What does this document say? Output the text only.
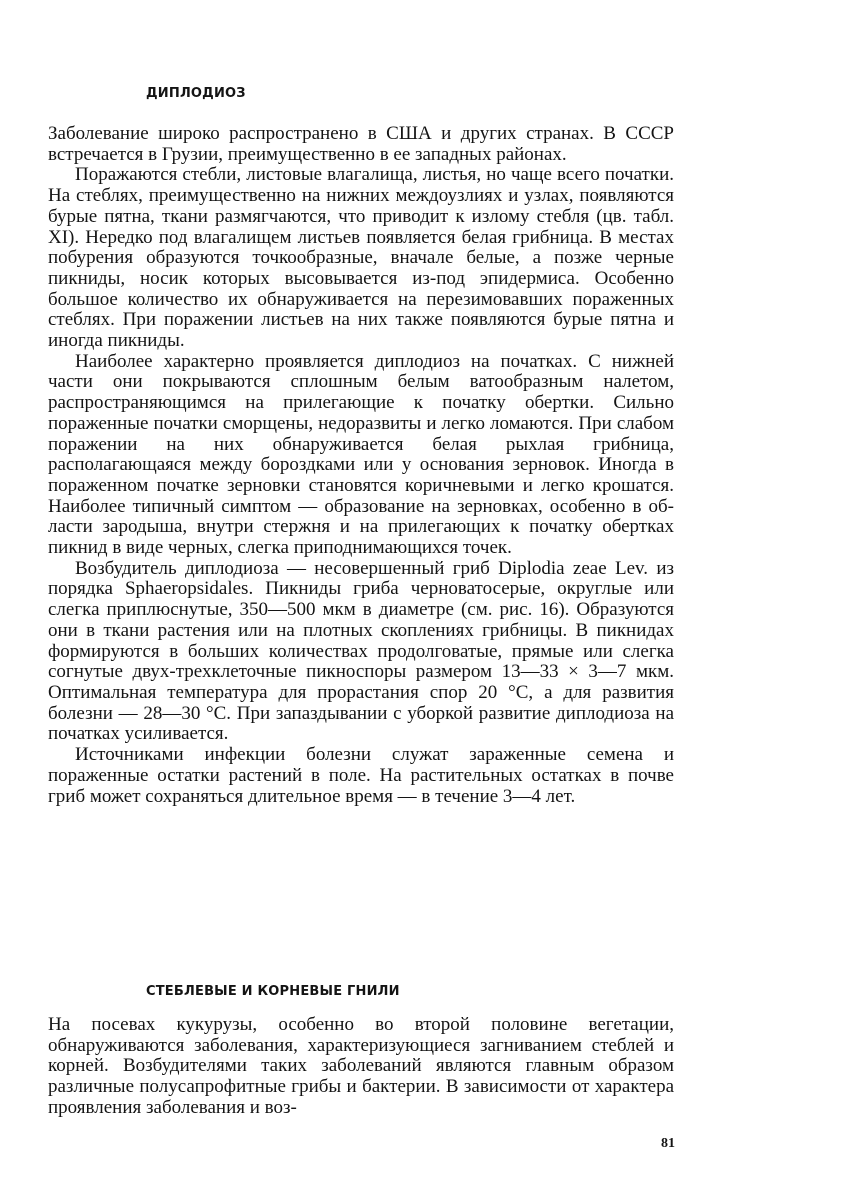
ДИПЛОДИОЗ

Заболевание широко распространено в США и других странах. В СССР встречается в Грузии, преимущественно в ее западных районах.

Поражаются стебли, листовые влагалища, листья, но чаще всего початки. На стеблях, преимущественно на нижних междоузлиях и узлах, появляются бурые пятна, ткани размягчаются, что приводит к излому стебля (цв. табл. XI). Нередко под влагалищем листьев появляется белая грибница. В местах побурения образуются точкообразные, вначале белые, а позже черные пикниды, носик которых высовывается из-под эпидермиса. Особенно большое количество их обнаруживается на перезимовавших пораженных стеблях. При поражении листьев на них также появляются бурые пятна и иногда пикниды.

Наиболее характерно проявляется диплодиоз на початках. С нижней части они покрываются сплошным белым ватообразным налетом, распространяющимся на прилегающие к початку обертки. Сильно пораженные початки сморщены, недоразвиты и легко ломаются. При слабом поражении на них обнаруживается белая рыхлая грибница, располагающаяся между бороздками или у основания зерновок. Иногда в пораженном початке зерновки становятся коричневыми и легко крошатся. Наиболее типичный симптом — образование на зерновках, особенно в области зародыша, внутри стержня и на прилегающих к початку обертках пикнид в виде черных, слегка приподнимающихся точек.

Возбудитель диплодиоза — несовершенный гриб Diplodia zeae Lev. из порядка Sphaeropsidales. Пикниды гриба черноватосерые, округлые или слегка приплюснутые, 350—500 мкм в диаметре (см. рис. 16). Образуются они в ткани растения или на плотных скоплениях грибницы. В пикнидах формируются в больших количествах продолговатые, прямые или слегка согнутые двух-трехклеточные пикноспоры размером 13—33 × 3—7 мкм. Оптимальная температура для прорастания спор 20 °С, а для развития болезни — 28—30 °С. При запаздывании с уборкой развитие диплодиоза на початках усиливается.

Источниками инфекции болезни служат зараженные семена и пораженные остатки растений в поле. На растительных остатках в почве гриб может сохраняться длительное время — в течение 3—4 лет.

СТЕБЛЕВЫЕ И КОРНЕВЫЕ ГНИЛИ

На посевах кукурузы, особенно во второй половине вегетации, обнаруживаются заболевания, характеризующиеся загниванием стеблей и корней. Возбудителями таких заболеваний являются главным образом различные полусапрофитные грибы и бактерии. В зависимости от характера проявления заболевания и воз-

81
